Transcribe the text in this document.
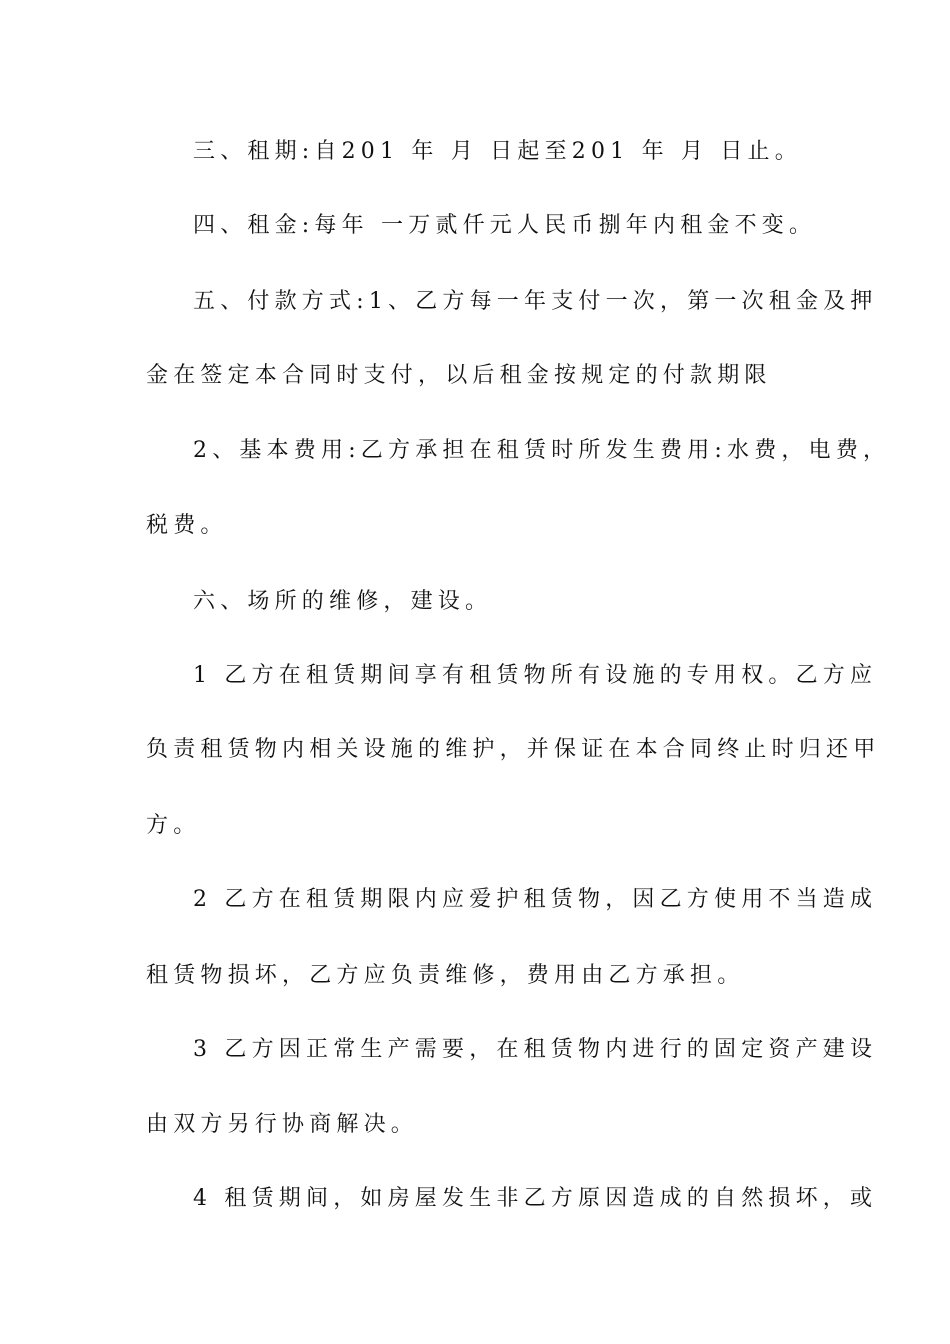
三、租期:自201 年 月 日起至201 年 月 日止。
四、租金:每年 一万贰仟元人民币捌年内租金不变。
五、付款方式:1、乙方每一年支付一次，第一次租金及押
金在签定本合同时支付，以后租金按规定的付款期限
2、基本费用:乙方承担在租赁时所发生费用:水费，电费，
税费。
六、场所的维修，建设。
1 乙方在租赁期间享有租赁物所有设施的专用权。乙方应
负责租赁物内相关设施的维护，并保证在本合同终止时归还甲
方。
2 乙方在租赁期限内应爱护租赁物，因乙方使用不当造成
租赁物损坏，乙方应负责维修，费用由乙方承担。
3 乙方因正常生产需要，在租赁物内进行的固定资产建设
由双方另行协商解决。
4 租赁期间，如房屋发生非乙方原因造成的自然损坏，或
